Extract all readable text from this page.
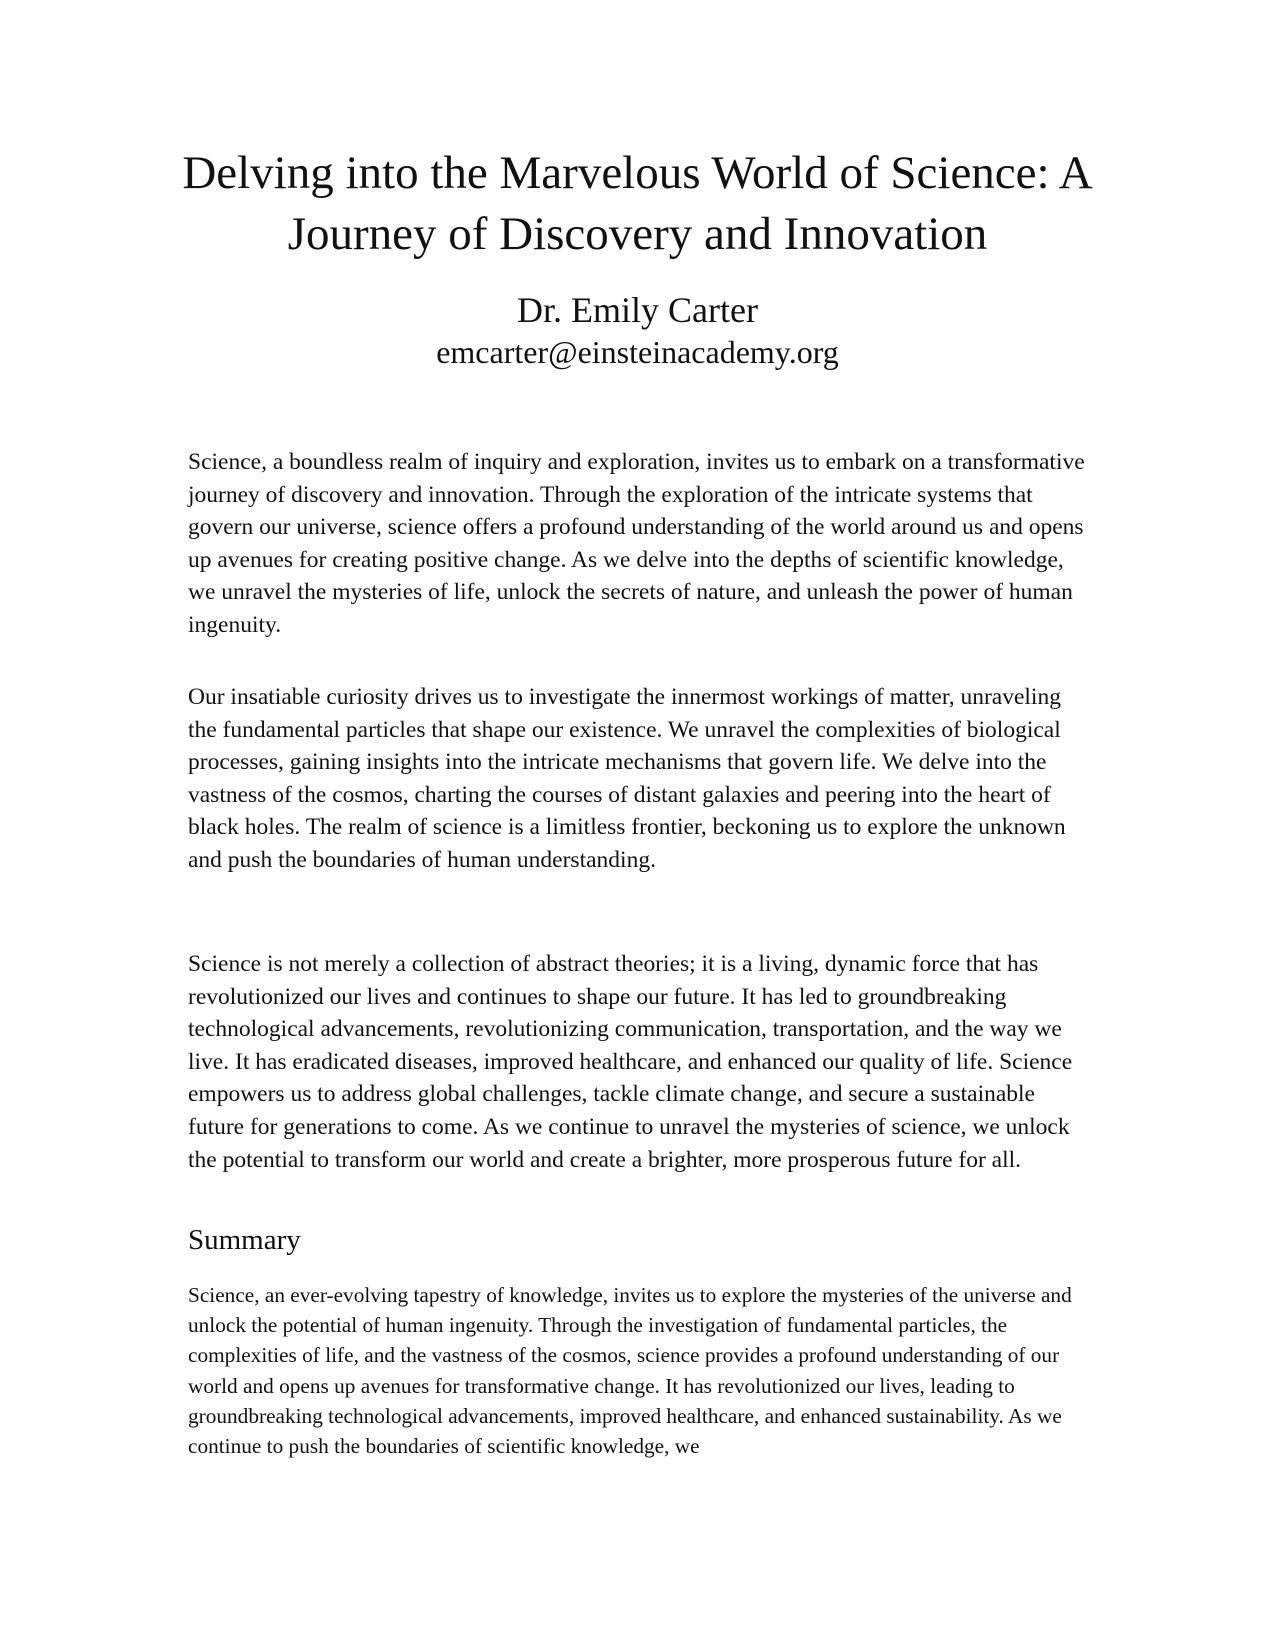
Delving into the Marvelous World of Science: A Journey of Discovery and Innovation
Dr. Emily Carter
emcarter@einsteinacademy.org

Science, a boundless realm of inquiry and exploration, invites us to embark on a transformative journey of discovery and innovation. Through the exploration of the intricate systems that govern our universe, science offers a profound understanding of the world around us and opens up avenues for creating positive change. As we delve into the depths of scientific knowledge, we unravel the mysteries of life, unlock the secrets of nature, and unleash the power of human ingenuity.

Our insatiable curiosity drives us to investigate the innermost workings of matter, unraveling the fundamental particles that shape our existence. We unravel the complexities of biological processes, gaining insights into the intricate mechanisms that govern life. We delve into the vastness of the cosmos, charting the courses of distant galaxies and peering into the heart of black holes. The realm of science is a limitless frontier, beckoning us to explore the unknown and push the boundaries of human understanding.

Science is not merely a collection of abstract theories; it is a living, dynamic force that has revolutionized our lives and continues to shape our future. It has led to groundbreaking technological advancements, revolutionizing communication, transportation, and the way we live. It has eradicated diseases, improved healthcare, and enhanced our quality of life. Science empowers us to address global challenges, tackle climate change, and secure a sustainable future for generations to come. As we continue to unravel the mysteries of science, we unlock the potential to transform our world and create a brighter, more prosperous future for all.

Summary

Science, an ever-evolving tapestry of knowledge, invites us to explore the mysteries of the universe and unlock the potential of human ingenuity. Through the investigation of fundamental particles, the complexities of life, and the vastness of the cosmos, science provides a profound understanding of our world and opens up avenues for transformative change. It has revolutionized our lives, leading to groundbreaking technological advancements, improved healthcare, and enhanced sustainability. As we continue to push the boundaries of scientific knowledge, we
